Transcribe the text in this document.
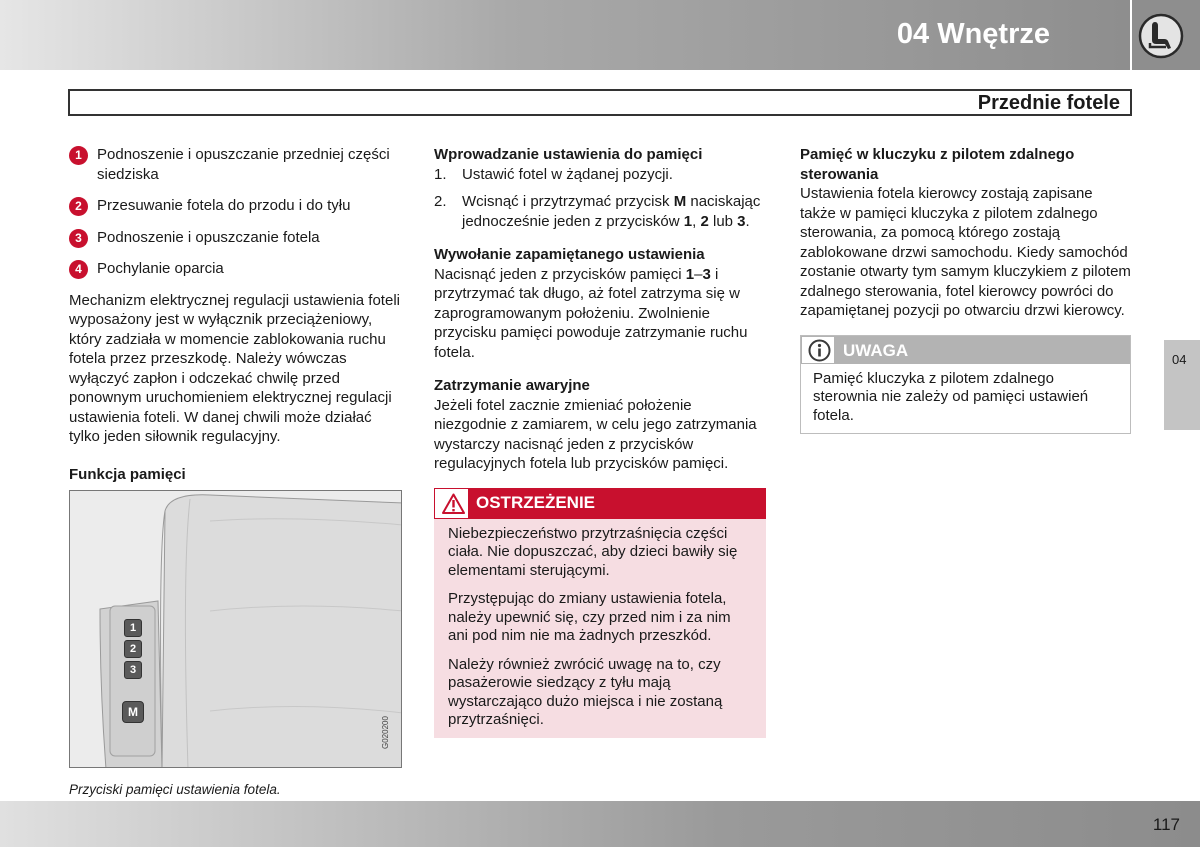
04 Wnętrze
Przednie fotele
1	Podnoszenie i opuszczanie przedniej części siedziska
2	Przesuwanie fotela do przodu i do tyłu
3	Podnoszenie i opuszczanie fotela
4	Pochylanie oparcia

Mechanizm elektrycznej regulacji ustawienia foteli wyposażony jest w wyłącznik przeciążeniowy, który zadziała w momencie zablokowania ruchu fotela przez przeszkodę. Należy wówczas wyłączyć zapłon i odczekać chwilę przed ponownym uruchomieniem elektrycznej regulacji ustawienia foteli. W danej chwili może działać tylko jeden siłownik regulacyjny.

Funkcja pamięci
1
2
3
M
G020200
Przyciski pamięci ustawienia fotela.
Wprowadzanie ustawienia do pamięci
1. Ustawić fotel w żądanej pozycji.
2. Wcisnąć i przytrzymać przycisk M naciskając jednocześnie jeden z przycisków 1, 2 lub 3.
Wywołanie zapamiętanego ustawienia

Nacisnąć jeden z przycisków pamięci 1–3 i przytrzymać tak długo, aż fotel zatrzyma się w zaprogramowanym położeniu. Zwolnienie przycisku pamięci powoduje zatrzymanie ruchu fotela.

Zatrzymanie awaryjne

Jeżeli fotel zacznie zmieniać położenie niezgodnie z zamiarem, w celu jego zatrzymania wystarczy nacisnąć jeden z przycisków regulacyjnych fotela lub przycisków pamięci.

OSTRZEŻENIE

Niebezpieczeństwo przytrzaśnięcia części ciała. Nie dopuszczać, aby dzieci bawiły się elementami sterującymi.

Przystępując do zmiany ustawienia fotela, należy upewnić się, czy przed nim i za nim ani pod nim nie ma żadnych przeszkód.

Należy również zwrócić uwagę na to, czy pasażerowie siedzący z tyłu mają wystarczająco dużo miejsca i nie zostaną przytrzaśnięci.

Pamięć w kluczyku z pilotem zdalnego sterowania

Ustawienia fotela kierowcy zostają zapisane także w pamięci kluczyka z pilotem zdalnego sterowania, za pomocą którego zostają zablokowane drzwi samochodu. Kiedy samochód zostanie otwarty tym samym kluczykiem z pilotem zdalnego sterowania, fotel kierowcy powróci do zapamiętanej pozycji po otwarciu drzwi kierowcy.

UWAGA
Pamięć kluczyka z pilotem zdalnego sterownia nie zależy od pamięci ustawień fotela.
04
117
